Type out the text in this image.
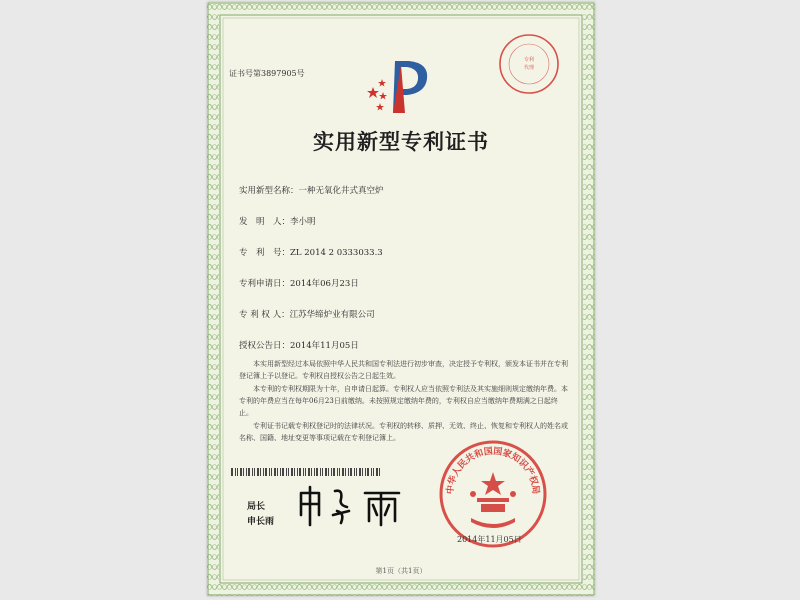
证书号第3897905号
专利
代理
实用新型专利证书
实用新型名称：一种无氧化井式真空炉
发　明　人：李小明
专　利　号：ZL 2014 2 0333033.3
专利申请日：2014年06月23日
专 利 权 人：江苏华缔炉业有限公司
授权公告日：2014年11月05日
本实用新型经过本局依照中华人民共和国专利法进行初步审查，决定授予专利权，颁发本证书并在专利登记簿上予以登记。专利权自授权公告之日起生效。
本专利的专利权期限为十年，自申请日起算。专利权人应当依照专利法及其实施细则规定缴纳年费。本专利的年费应当在每年06月23日前缴纳。未按照规定缴纳年费的，专利权自应当缴纳年费期满之日起终止。
专利证书记载专利权登记时的法律状况。专利权的转移、质押、无效、终止、恢复和专利权人的姓名或名称、国籍、地址变更等事项记载在专利登记簿上。
局长
申长雨
中华人民共和国国家知识产权局
2014年11月05日
第1页（共1页）
